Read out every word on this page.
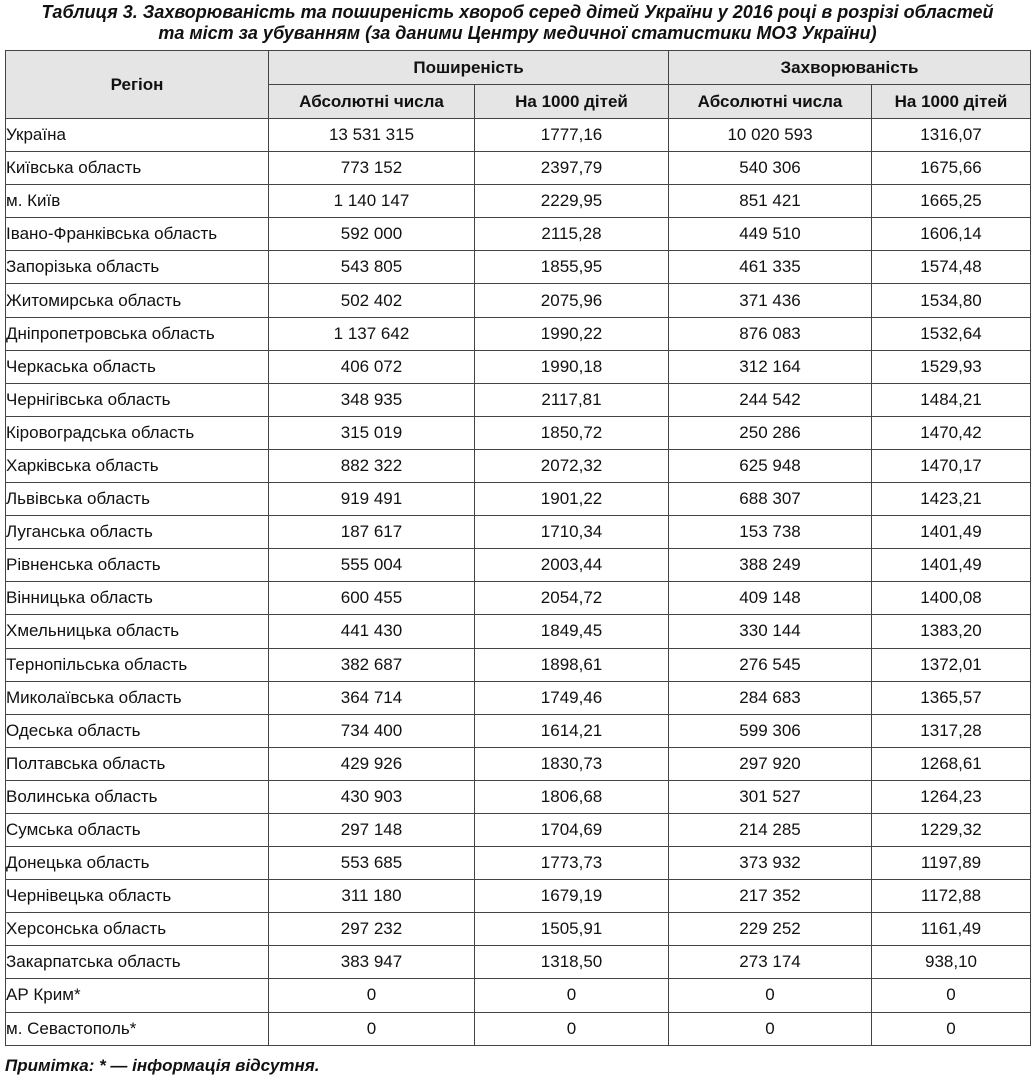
Таблиця 3. Захворюваність та поширеність хвороб серед дітей України у 2016 році в розрізі областей
та міст за убуванням (за даними Центру медичної статистики МОЗ України)
Регіон	Поширеність		Захворюваність	
	Абсолютні числа	На 1000 дітей	Абсолютні числа	На 1000 дітей
Україна	13 531 315	1777,16	10 020 593	1316,07
Київська область	773 152	2397,79	540 306	1675,66
м. Київ	1 140 147	2229,95	851 421	1665,25
Івано-Франківська область	592 000	2115,28	449 510	1606,14
Запорізька область	543 805	1855,95	461 335	1574,48
Житомирська область	502 402	2075,96	371 436	1534,80
Дніпропетровська область	1 137 642	1990,22	876 083	1532,64
Черкаська область	406 072	1990,18	312 164	1529,93
Чернігівська область	348 935	2117,81	244 542	1484,21
Кіровоградська область	315 019	1850,72	250 286	1470,42
Харківська область	882 322	2072,32	625 948	1470,17
Львівська область	919 491	1901,22	688 307	1423,21
Луганська область	187 617	1710,34	153 738	1401,49
Рівненська область	555 004	2003,44	388 249	1401,49
Вінницька область	600 455	2054,72	409 148	1400,08
Хмельницька область	441 430	1849,45	330 144	1383,20
Тернопільська область	382 687	1898,61	276 545	1372,01
Миколаївська область	364 714	1749,46	284 683	1365,57
Одеська область	734 400	1614,21	599 306	1317,28
Полтавська область	429 926	1830,73	297 920	1268,61
Волинська область	430 903	1806,68	301 527	1264,23
Сумська область	297 148	1704,69	214 285	1229,32
Донецька область	553 685	1773,73	373 932	1197,89
Чернівецька область	311 180	1679,19	217 352	1172,88
Херсонська область	297 232	1505,91	229 252	1161,49
Закарпатська область	383 947	1318,50	273 174	938,10
АР Крим*	0	0	0	0
м. Севастополь*	0	0	0	0
Примітка: * — інформація відсутня.
